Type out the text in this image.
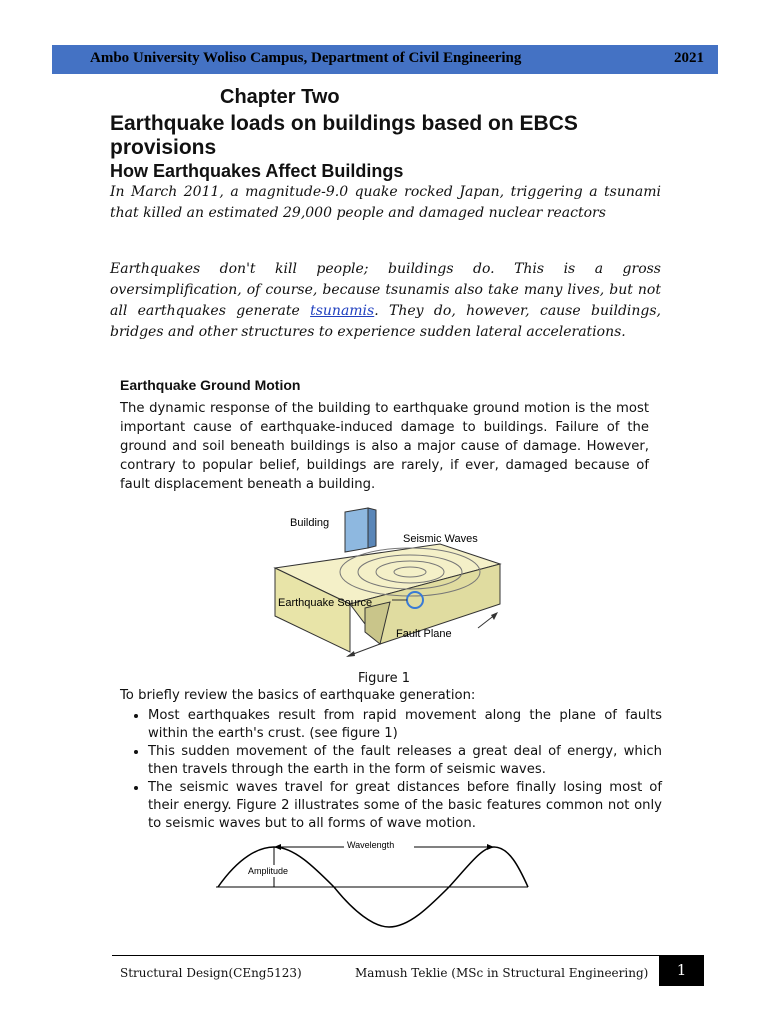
Ambo University Woliso Campus, Department of Civil Engineering	2021
Chapter Two
Earthquake loads on buildings based on EBCS provisions
How Earthquakes Affect Buildings
In March 2011, a magnitude-9.0 quake rocked Japan, triggering a tsunami that killed an estimated 29,000 people and damaged nuclear reactors
Earthquakes don't kill people; buildings do. This is a gross oversimplification, of course, because tsunamis also take many lives, but not all earthquakes generate tsunamis. They do, however, cause buildings, bridges and other structures to experience sudden lateral accelerations.
Earthquake Ground Motion
The dynamic response of the building to earthquake ground motion is the most important cause of earthquake-induced damage to buildings. Failure of the ground and soil beneath buildings is also a major cause of damage. However, contrary to popular belief, buildings are rarely, if ever, damaged because of fault displacement beneath a building.
Building
Seismic Waves
Earthquake Source
Fault Plane
Figure 1
To briefly review the basics of earthquake generation:
• Most earthquakes result from rapid movement along the plane of faults within the earth's crust. (see figure 1)
• This sudden movement of the fault releases a great deal of energy, which then travels through the earth in the form of seismic waves.
• The seismic waves travel for great distances before finally losing most of their energy. Figure 2 illustrates some of the basic features common not only to seismic waves but to all forms of wave motion.
Wavelength
Amplitude
Structural Design(CEng5123)	Mamush Teklie (MSc in Structural Engineering)	1
